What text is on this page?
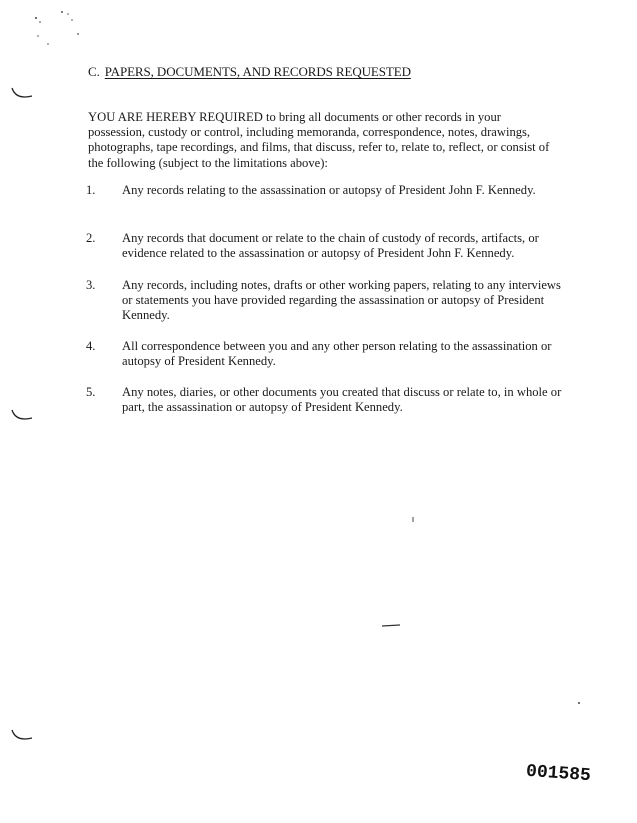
C. PAPERS, DOCUMENTS, AND RECORDS REQUESTED
YOU ARE HEREBY REQUIRED to bring all documents or other records in your possession, custody or control, including memoranda, correspondence, notes, drawings, photographs, tape recordings, and films, that discuss, refer to, relate to, reflect, or consist of the following (subject to the limitations above):
1.	Any records relating to the assassination or autopsy of President John F. Kennedy.
2.	Any records that document or relate to the chain of custody of records, artifacts, or evidence related to the assassination or autopsy of President John F. Kennedy.
3.	Any records, including notes, drafts or other working papers, relating to any interviews or statements you have provided regarding the assassination or autopsy of President Kennedy.
4.	All correspondence between you and any other person relating to the assassination or autopsy of President Kennedy.
5.	Any notes, diaries, or other documents you created that discuss or relate to, in whole or part, the assassination or autopsy of President Kennedy.
001585
